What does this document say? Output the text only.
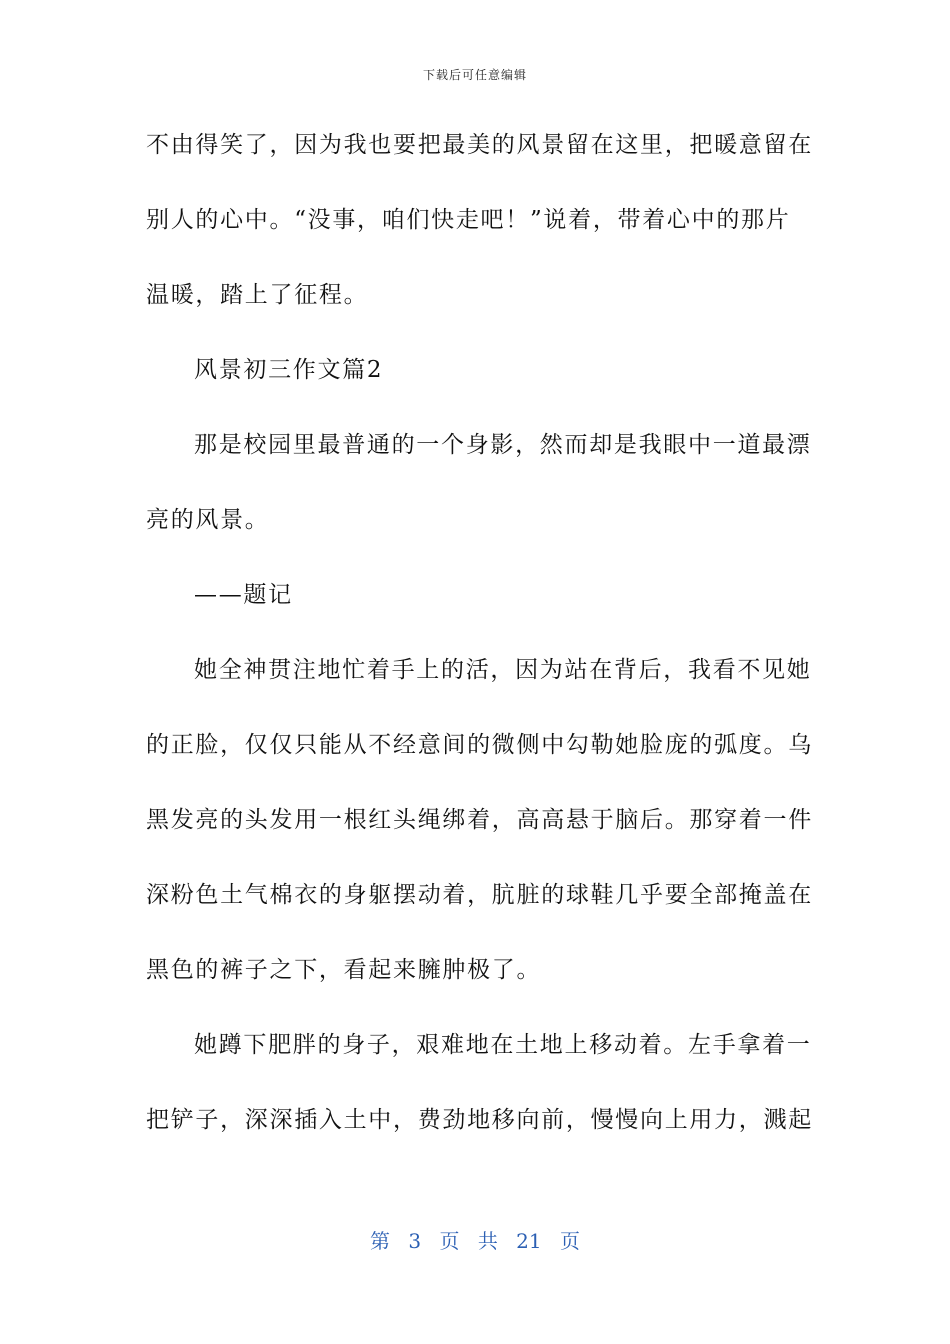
下载后可任意编辑
不由得笑了，因为我也要把最美的风景留在这里，把暖意留在
别人的心中。“没事，咱们快走吧！”说着，带着心中的那片
温暖，踏上了征程。
风景初三作文篇2
那是校园里最普通的一个身影，然而却是我眼中一道最漂
亮的风景。
——题记
她全神贯注地忙着手上的活，因为站在背后，我看不见她
的正脸，仅仅只能从不经意间的微侧中勾勒她脸庞的弧度。乌
黑发亮的头发用一根红头绳绑着，高高悬于脑后。那穿着一件
深粉色土气棉衣的身躯摆动着，肮脏的球鞋几乎要全部掩盖在
黑色的裤子之下，看起来臃肿极了。
她蹲下肥胖的身子，艰难地在土地上移动着。左手拿着一
把铲子，深深插入土中，费劲地移向前，慢慢向上用力，溅起
第 3 页 共 21 页
